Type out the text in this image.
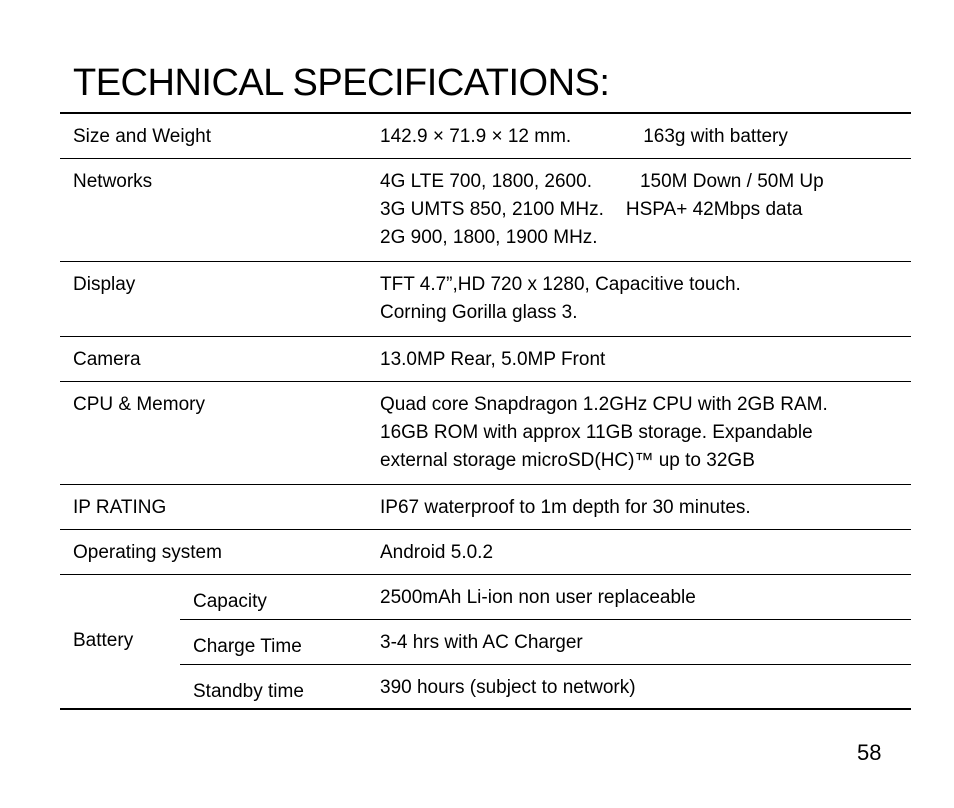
TECHNICAL SPECIFICATIONS:
Size and Weight		142.9 × 71.9 × 12 mm. 163g with battery
Networks		4G LTE 700, 1800, 2600. 150M Down / 50M Up
3G UMTS 850, 2100 MHz. HSPA+ 42Mbps data
2G 900, 1800, 1900 MHz.

Display		TFT 4.7”,HD 720 x 1280, Capacitive touch.
Corning Gorilla glass 3.

Camera		13.0MP Rear, 5.0MP Front
CPU & Memory		Quad core Snapdragon 1.2GHz CPU with 2GB RAM.
16GB ROM with approx 11GB storage. Expandable
external storage microSD(HC)™ up to 32GB

IP RATING		IP67 waterproof to 1m depth for 30 minutes.
Operating system		Android 5.0.2
Battery	Capacity	2500mAh Li-ion non user replaceable
	Charge Time	3-4 hrs with AC Charger
	Standby time	390 hours (subject to network)
58
